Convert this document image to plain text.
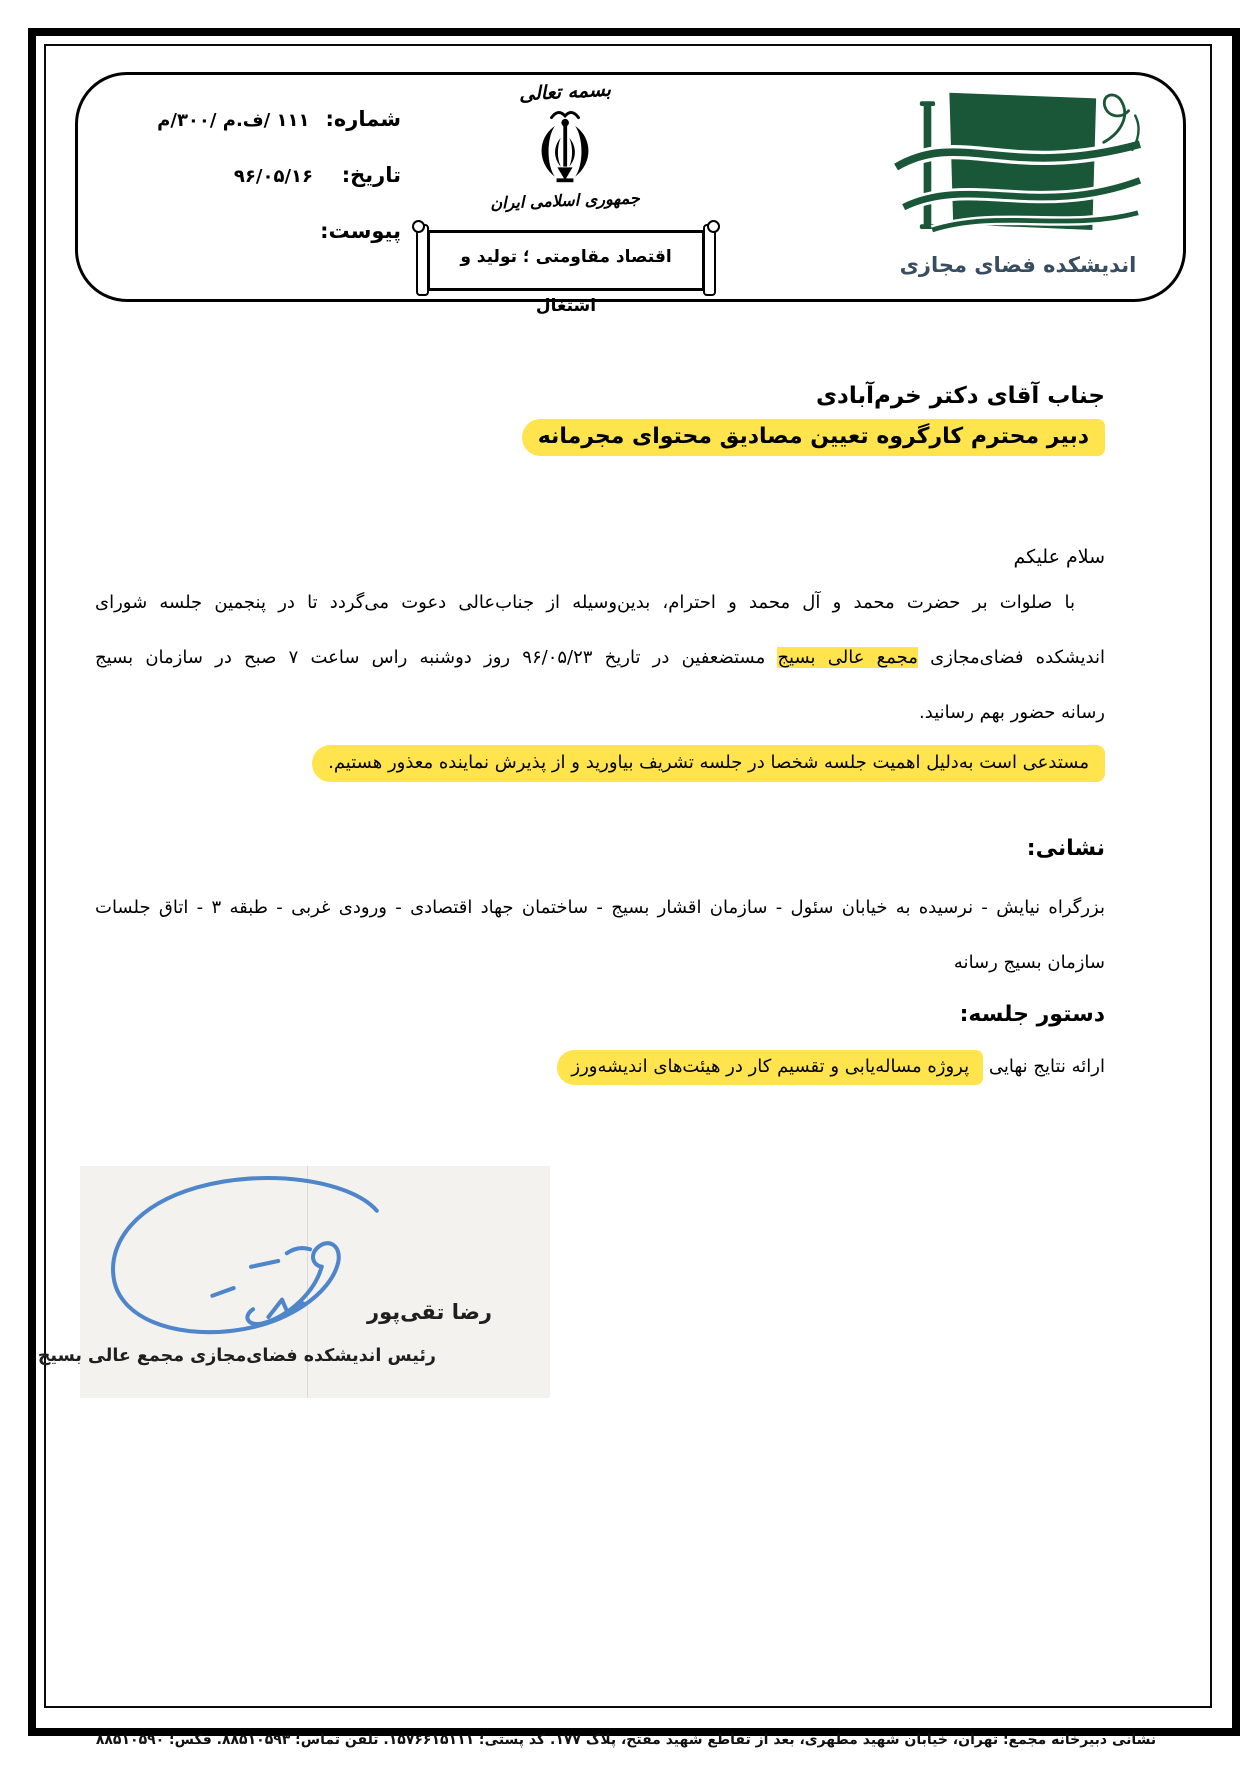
شماره:
۱۱۱ /ف.م /۳۰۰/م
تاریخ:
۹۶/۰۵/۱۶
پیوست:
بسمه تعالی
جمهوری اسلامی ایران
اقتصاد مقاومتی ؛ تولید و اشتغال
اندیشکده فضای مجازی
جناب آقای دکتر خرم‌آبادی
دبیر محترم کارگروه تعیین مصادیق محتوای مجرمانه
سلام علیکم
با صلوات بر حضرت محمد و آل محمد و احترام، بدین‌وسیله از جناب‌عالی دعوت می‌گردد تا در پنجمین جلسه شورای
اندیشکده فضای‌مجازی مجمع عالی بسیج مستضعفین در تاریخ ۹۶/۰۵/۲۳ روز دوشنبه راس ساعت ۷ صبح در سازمان بسیج
رسانه حضور بهم رسانید.
مستدعی است به‌دلیل اهمیت جلسه شخصا در جلسه تشریف بیاورید و از پذیرش نماینده معذور هستیم.
نشانی:
بزرگراه نیایش - نرسیده به خیابان سئول - سازمان اقشار بسیج - ساختمان جهاد اقتصادی - ورودی غربی - طبقه ۳ - اتاق جلسات سازمان بسیج رسانه
دستور جلسه:
ارائه نتایج نهایی پروژه مساله‌یابی و تقسیم کار در هیئت‌های اندیشه‌ورز
رضا تقی‌پور
رئیس اندیشکده فضای‌مجازی مجمع عالی بسیج
نشانی دبیرخانه مجمع: تهران، خیابان شهید مطهری، بعد از تقاطع شهید مفتح، پلاک ۱۷۷. کد پستی؛ ۱۵۷۶۶۱۵۱۱۱. تلفن تماس؛ ۸۸۵۱۰۵۹۳. فکس؛ ۸۸۵۱۰۵۹۰
